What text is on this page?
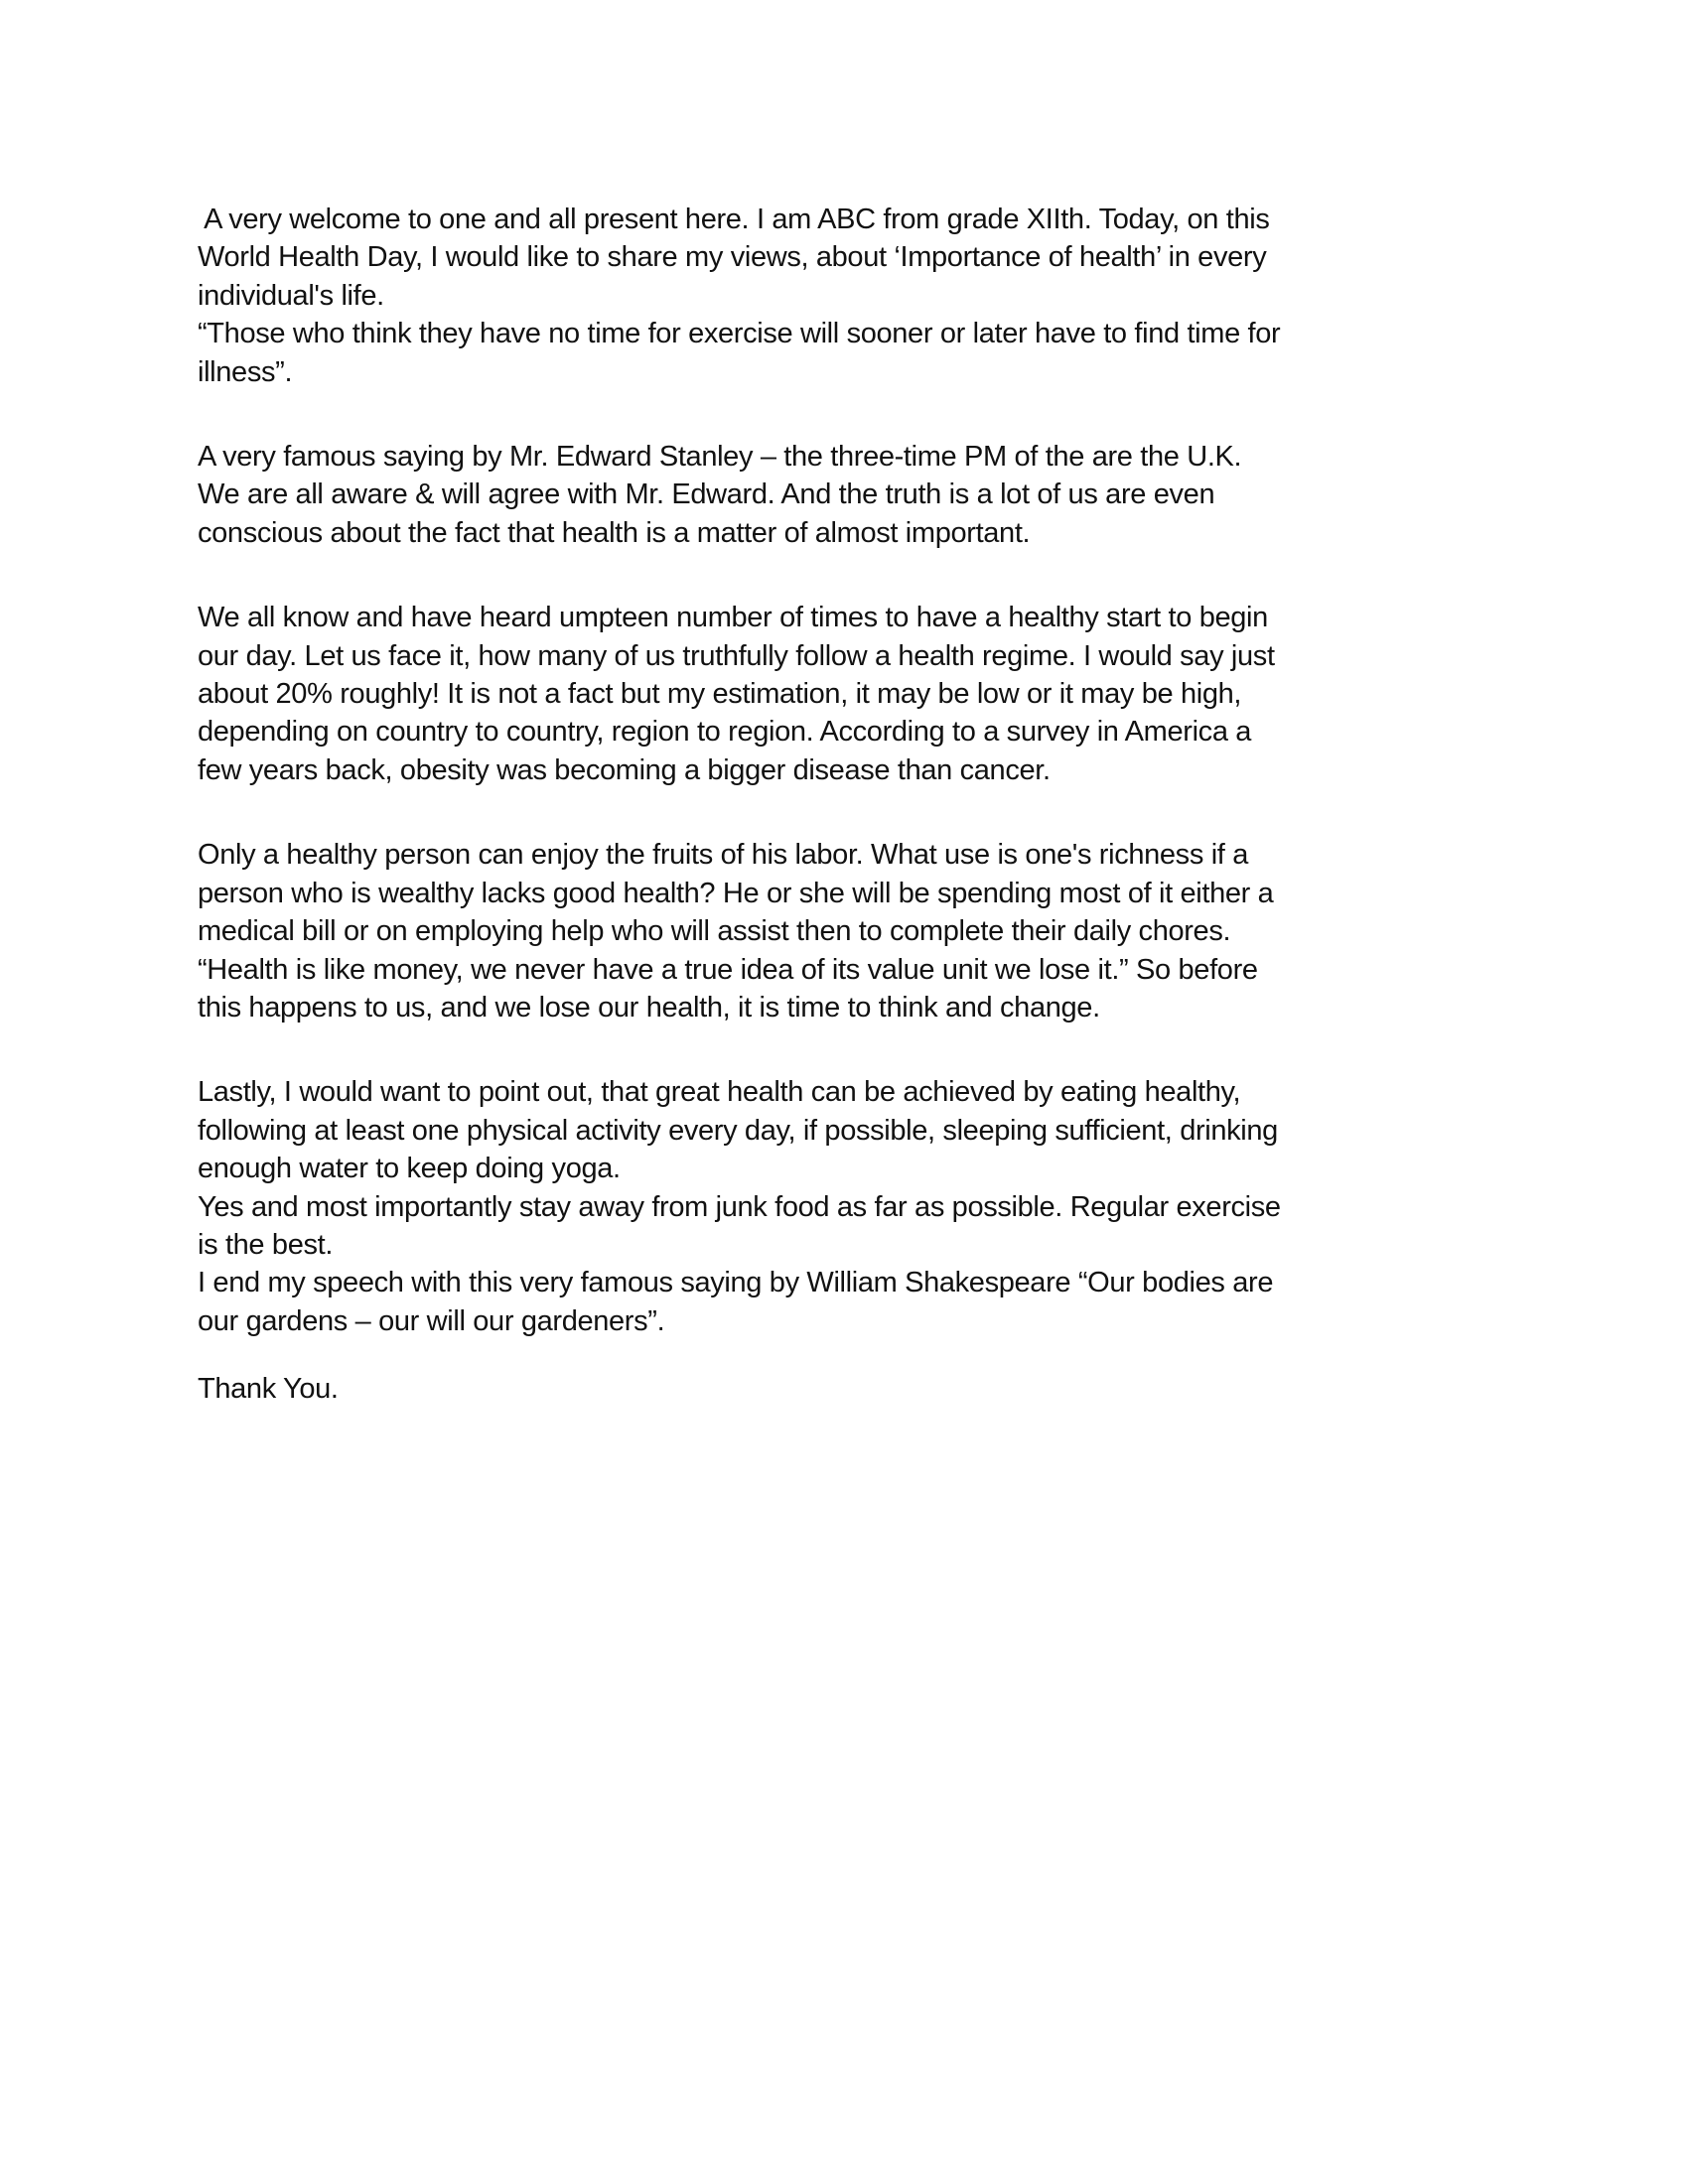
A very welcome to one and all present here. I am ABC from grade XIIth. Today, on this
World Health Day, I would like to share my views, about ‘Importance of health’ in every
individual's life.
“Those who think they have no time for exercise will sooner or later have to find time for
illness”.

A very famous saying by Mr. Edward Stanley – the three-time PM of the are the U.K.
We are all aware & will agree with Mr. Edward. And the truth is a lot of us are even
conscious about the fact that health is a matter of almost important.

We all know and have heard umpteen number of times to have a healthy start to begin
our day. Let us face it, how many of us truthfully follow a health regime. I would say just
about 20% roughly! It is not a fact but my estimation, it may be low or it may be high,
depending on country to country, region to region. According to a survey in America a
few years back, obesity was becoming a bigger disease than cancer.

Only a healthy person can enjoy the fruits of his labor. What use is one's richness if a
person who is wealthy lacks good health? He or she will be spending most of it either a
medical bill or on employing help who will assist then to complete their daily chores.
“Health is like money, we never have a true idea of its value unit we lose it.” So before
this happens to us, and we lose our health, it is time to think and change.

Lastly, I would want to point out, that great health can be achieved by eating healthy,
following at least one physical activity every day, if possible, sleeping sufficient, drinking
enough water to keep doing yoga.
Yes and most importantly stay away from junk food as far as possible. Regular exercise
is the best.
I end my speech with this very famous saying by William Shakespeare “Our bodies are
our gardens – our will our gardeners”.

Thank You.
